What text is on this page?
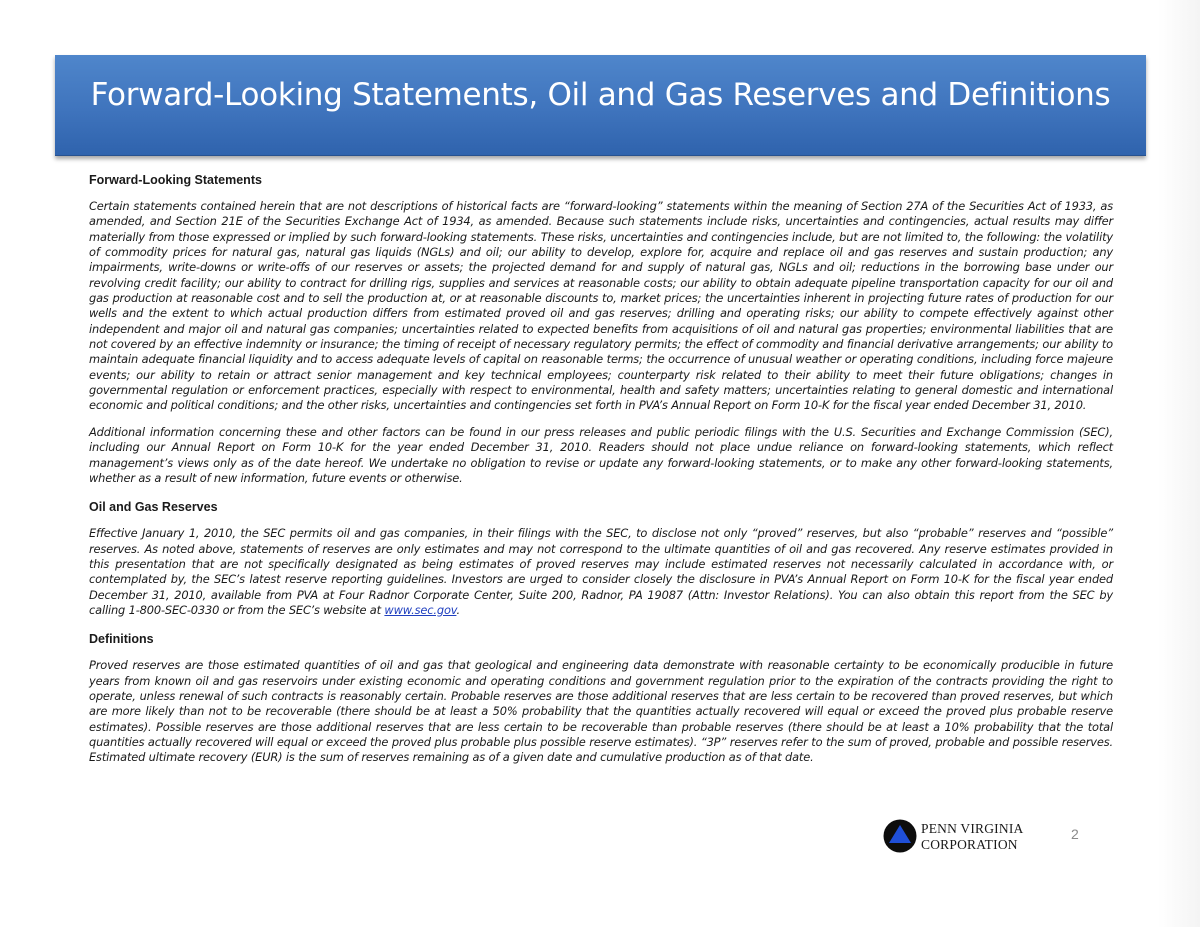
Forward-Looking Statements, Oil and Gas Reserves and Definitions
Forward-Looking Statements

Certain statements contained herein that are not descriptions of historical facts are “forward-looking” statements within the meaning of Section 27A of the Securities Act of 1933, as amended, and Section 21E of the Securities Exchange Act of 1934, as amended. Because such statements include risks, uncertainties and contingencies, actual results may differ materially from those expressed or implied by such forward-looking statements. These risks, uncertainties and contingencies include, but are not limited to, the following: the volatility of commodity prices for natural gas, natural gas liquids (NGLs) and oil; our ability to develop, explore for, acquire and replace oil and gas reserves and sustain production; any impairments, write-downs or write-offs of our reserves or assets; the projected demand for and supply of natural gas, NGLs and oil; reductions in the borrowing base under our revolving credit facility; our ability to contract for drilling rigs, supplies and services at reasonable costs; our ability to obtain adequate pipeline transportation capacity for our oil and gas production at reasonable cost and to sell the production at, or at reasonable discounts to, market prices; the uncertainties inherent in projecting future rates of production for our wells and the extent to which actual production differs from estimated proved oil and gas reserves; drilling and operating risks; our ability to compete effectively against other independent and major oil and natural gas companies; uncertainties related to expected benefits from acquisitions of oil and natural gas properties; environmental liabilities that are not covered by an effective indemnity or insurance; the timing of receipt of necessary regulatory permits; the effect of commodity and financial derivative arrangements; our ability to maintain adequate financial liquidity and to access adequate levels of capital on reasonable terms; the occurrence of unusual weather or operating conditions, including force majeure events; our ability to retain or attract senior management and key technical employees; counterparty risk related to their ability to meet their future obligations; changes in governmental regulation or enforcement practices, especially with respect to environmental, health and safety matters; uncertainties relating to general domestic and international economic and political conditions; and the other risks, uncertainties and contingencies set forth in PVA’s Annual Report on Form 10-K for the fiscal year ended December 31, 2010.

Additional information concerning these and other factors can be found in our press releases and public periodic filings with the U.S. Securities and Exchange Commission (SEC), including our Annual Report on Form 10-K for the year ended December 31, 2010. Readers should not place undue reliance on forward-looking statements, which reflect management’s views only as of the date hereof. We undertake no obligation to revise or update any forward-looking statements, or to make any other forward-looking statements, whether as a result of new information, future events or otherwise.

Oil and Gas Reserves

Effective January 1, 2010, the SEC permits oil and gas companies, in their filings with the SEC, to disclose not only “proved” reserves, but also “probable” reserves and “possible” reserves. As noted above, statements of reserves are only estimates and may not correspond to the ultimate quantities of oil and gas recovered. Any reserve estimates provided in this presentation that are not specifically designated as being estimates of proved reserves may include estimated reserves not necessarily calculated in accordance with, or contemplated by, the SEC’s latest reserve reporting guidelines. Investors are urged to consider closely the disclosure in PVA’s Annual Report on Form 10-K for the fiscal year ended December 31, 2010, available from PVA at Four Radnor Corporate Center, Suite 200, Radnor, PA 19087 (Attn: Investor Relations). You can also obtain this report from the SEC by calling 1-800-SEC-0330 or from the SEC’s website at www.sec.gov.

Definitions

Proved reserves are those estimated quantities of oil and gas that geological and engineering data demonstrate with reasonable certainty to be economically producible in future years from known oil and gas reservoirs under existing economic and operating conditions and government regulation prior to the expiration of the contracts providing the right to operate, unless renewal of such contracts is reasonably certain. Probable reserves are those additional reserves that are less certain to be recovered than proved reserves, but which are more likely than not to be recoverable (there should be at least a 50% probability that the quantities actually recovered will equal or exceed the proved plus probable reserve estimates). Possible reserves are those additional reserves that are less certain to be recoverable than probable reserves (there should be at least a 10% probability that the total quantities actually recovered will equal or exceed the proved plus probable plus possible reserve estimates). “3P” reserves refer to the sum of proved, probable and possible reserves. Estimated ultimate recovery (EUR) is the sum of reserves remaining as of a given date and cumulative production as of that date.

PENN VIRGINIA
CORPORATION
2
